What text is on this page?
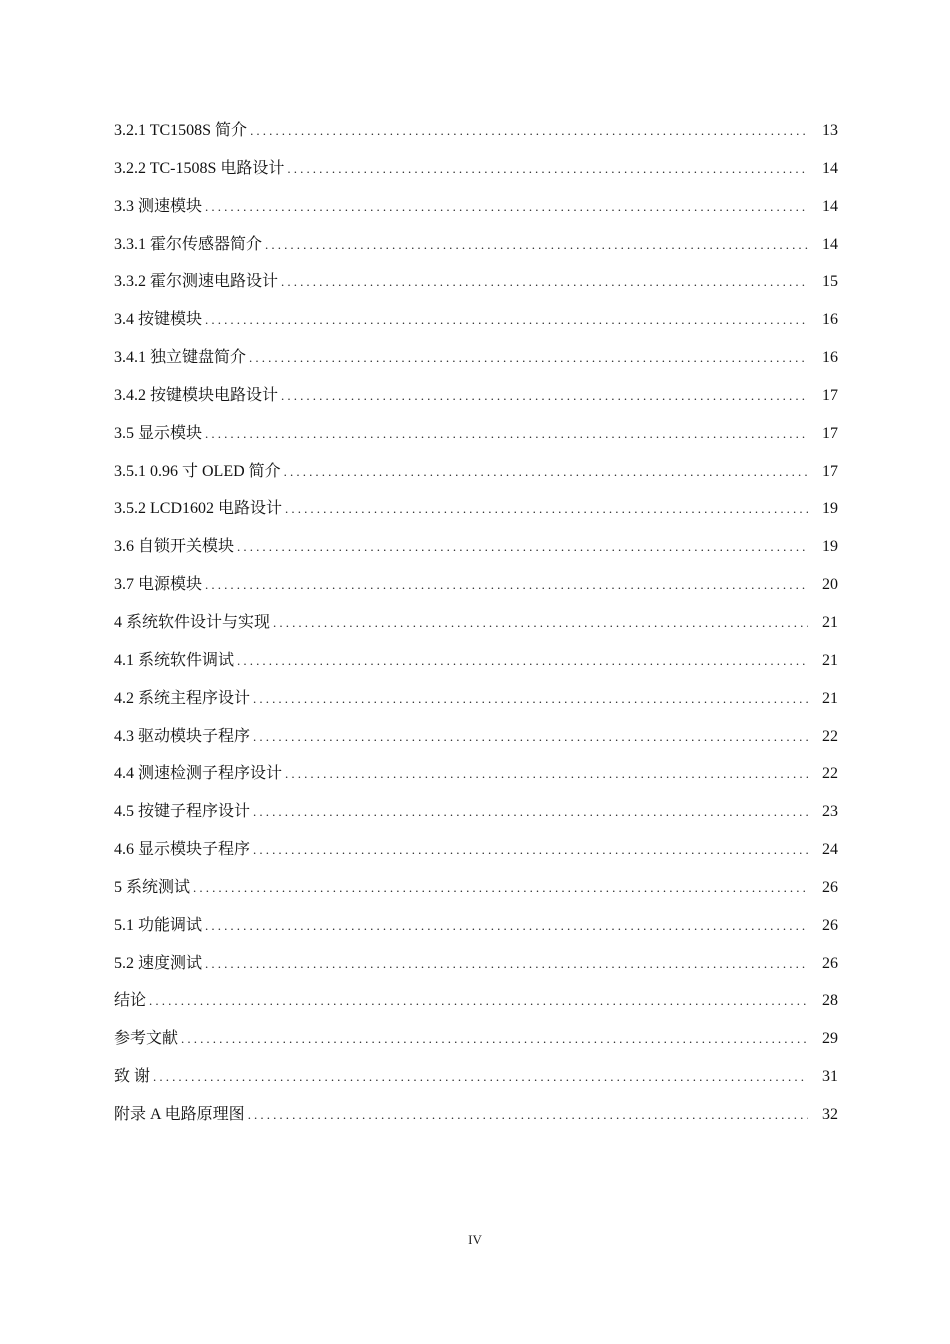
3.2.1 TC1508S 简介 .....	13
3.2.2 TC-1508S 电路设计 .....	14
3.3 测速模块 .....	14
3.3.1 霍尔传感器简介 .....	14
3.3.2 霍尔测速电路设计 .....	15
3.4 按键模块 .....	16
3.4.1 独立键盘简介 .....	16
3.4.2 按键模块电路设计 .....	17
3.5 显示模块 .....	17
3.5.1 0.96 寸 OLED 简介 .....	17
3.5.2 LCD1602 电路设计 .....	19
3.6 自锁开关模块 .....	19
3.7 电源模块 .....	20
4 系统软件设计与实现 .....	21
4.1 系统软件调试 .....	21
4.2 系统主程序设计 .....	21
4.3 驱动模块子程序 .....	22
4.4 测速检测子程序设计 .....	22
4.5 按键子程序设计 .....	23
4.6 显示模块子程序 .....	24
5 系统测试 .....	26
5.1 功能调试 .....	26
5.2 速度测试 .....	26
结论 .....	28
参考文献 .....	29
致 谢 .....	31
附录 A 电路原理图 .....	32
IV
